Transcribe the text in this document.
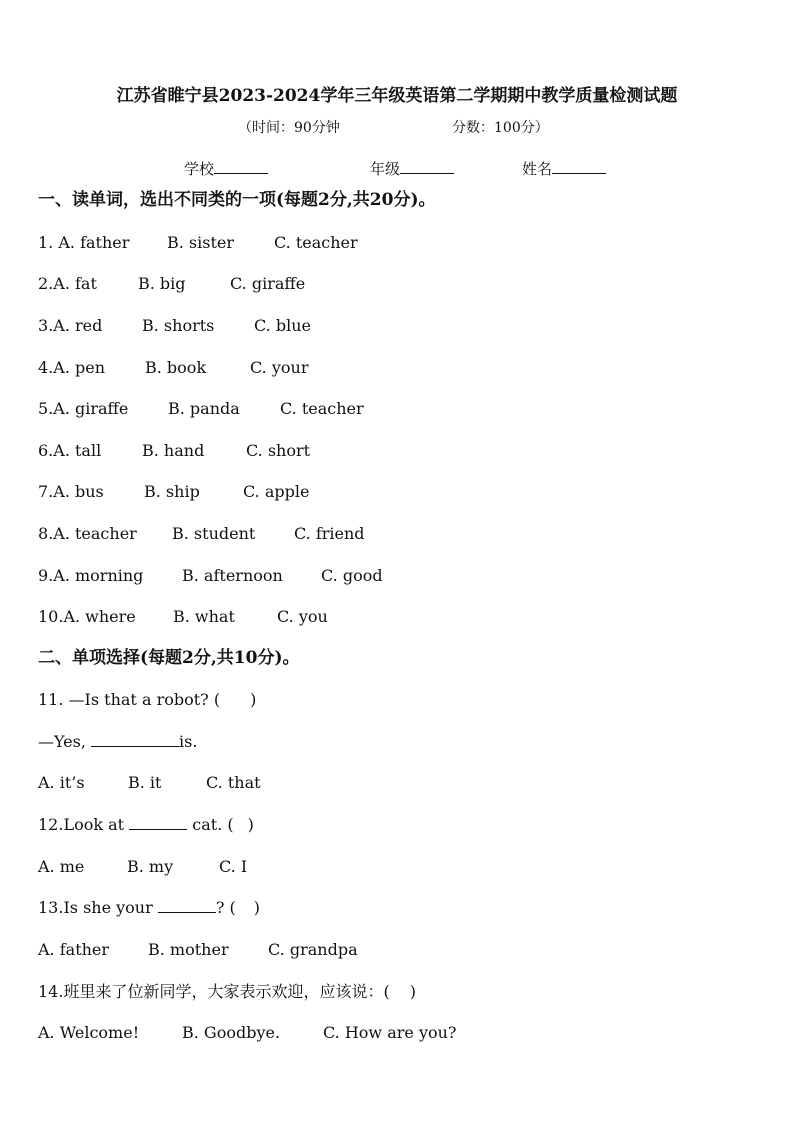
江苏省睢宁县2023-2024学年三年级英语第二学期期中教学质量检测试题
（时间：90分钟	分数：100分）
学校	年级	姓名
一、读单词，选出不同类的一项(每题2分,共20分)。
1. A. father B. sister C. teacher
2.A. fat	B. big	C. giraffe
3.A. red B. shorts C. blue
4.A. pen B. book	C. your
5.A. giraffe B. panda	C. teacher
6.A. tall	B. hand	C. short
7.A. bus	B. ship	C. apple
8.A. teacher B. student C. friend
9.A. morning B. afternoon C. good
10.A. where B. what	C. you
二、单项选择(每题2分,共10分)。
11. —Is that a robot? ( )
—Yes,	is.
A. it’s	B. it	C. that
12.Look at	cat. ( )
A. me	B. my	C. I
13.Is she your	? ( )
A. father B. mother C. grandpa
14.班里来了位新同学，大家表示欢迎，应该说：( )
A. Welcome!	B. Goodbye.	C. How are you?
